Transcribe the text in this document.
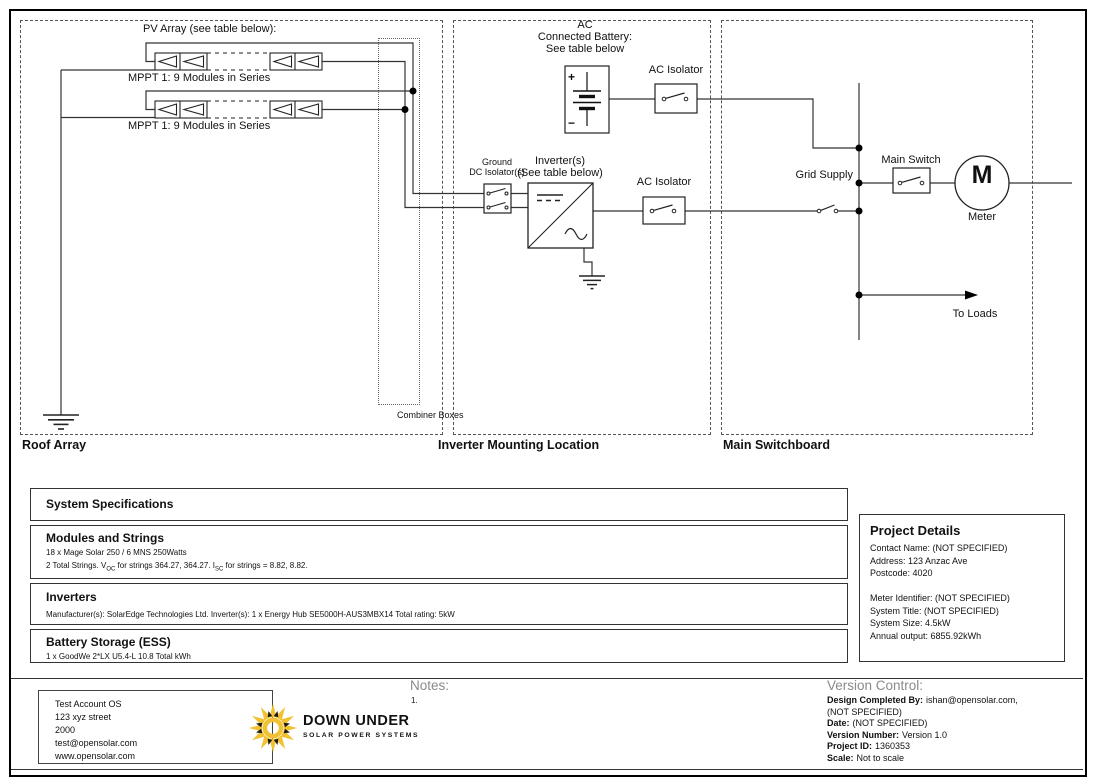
PV Array (see table below):
MPPT 1: 9 Modules in Series
MPPT 1: 9 Modules in Series
Combiner Boxes
AC
Connected Battery:
See table below
+
−
AC Isolator
Ground
DC Isolator(s)
Inverter(s)
(See table below)
AC Isolator
Grid Supply
Main Switch
M
Meter
To Loads
Roof Array	Inverter Mounting Location	Main Switchboard
System Specifications
Modules and Strings
18 x Mage Solar 250 / 6 MNS 250Watts
2 Total Strings. $V_{OC}$ for strings 364.27, 364.27. $I_{SC}$ for strings = 8.82, 8.82.
Inverters
Manufacturer(s): SolarEdge Technologies Ltd. Inverter(s): 1 x Energy Hub SE5000H-AUS3MBX14 Total rating: 5kW
Battery Storage (ESS)
1 x GoodWe 2*LX U5.4-L 10.8 Total kWh
Project Details
Contact Name: (NOT SPECIFIED)
Address: 123 Anzac Ave
Postcode: 4020
Meter Identifier: (NOT SPECIFIED)
System Title: (NOT SPECIFIED)
System Size: 4.5kW
Annual output: 6855.92kWh
Test Account OS
123 xyz street
2000
test@opensolar.com
www.opensolar.com
DOWN UNDER
SOLAR POWER SYSTEMS
Notes:
1.
Version Control:
Design Completed By: ishan@opensolar.com,
(NOT SPECIFIED)
Date: (NOT SPECIFIED)
Version Number: Version 1.0
Project ID: 1360353
Scale: Not to scale
